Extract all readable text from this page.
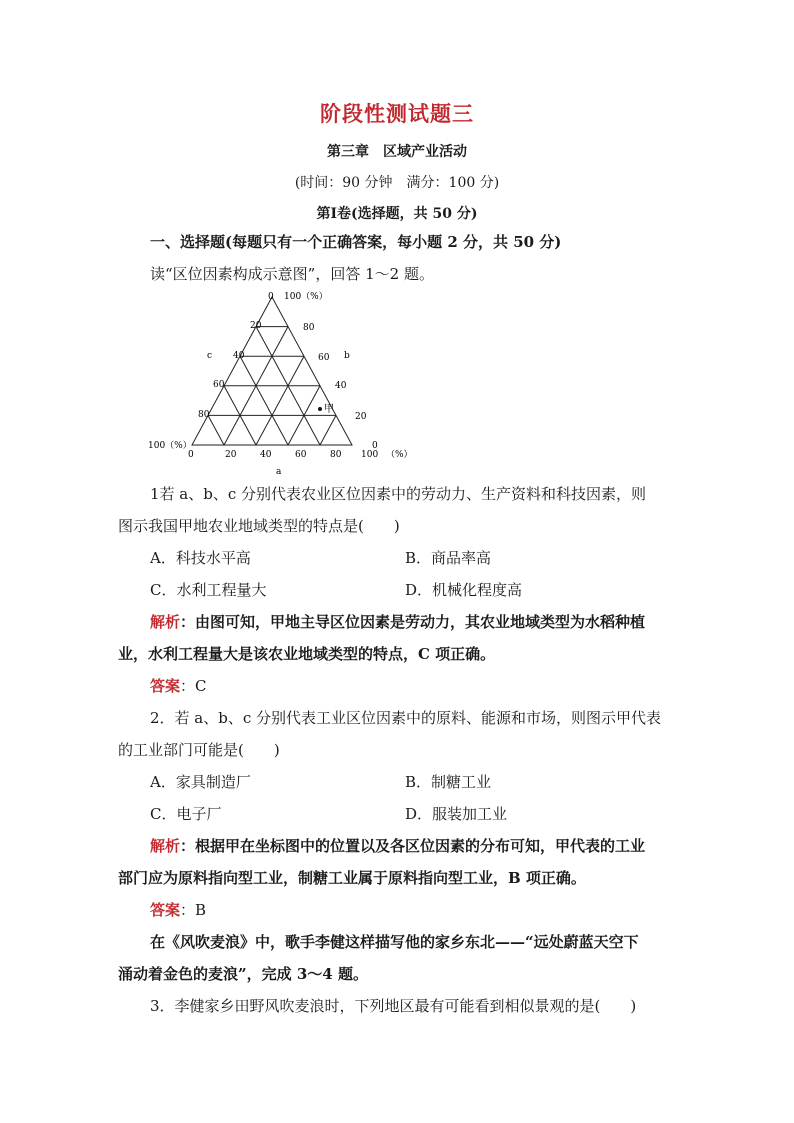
阶段性测试题三
第三章　区域产业活动
(时间：90 分钟　满分：100 分)
第Ⅰ卷(选择题，共 50 分)
一、选择题(每题只有一个正确答案，每小题 2 分，共 50 分)
读“区位因素构成示意图”，回答 1～2 题。
甲
0 100（%）
20
40
60
80
80
60
40
20
c	b
100（%）	0
0	20	40	60	80 100 （%）
a
1若 a、b、c 分别代表农业区位因素中的劳动力、生产资料和科技因素，则
图示我国甲地农业地域类型的特点是(　　)
A．科技水平高	B．商品率高
C．水利工程量大	D．机械化程度高
解析：由图可知，甲地主导区位因素是劳动力，其农业地域类型为水稻种植
业，水利工程量大是该农业地域类型的特点，C 项正确。
答案：C
2．若 a、b、c 分别代表工业区位因素中的原料、能源和市场，则图示甲代表
的工业部门可能是(　　)
A．家具制造厂	B．制糖工业
C．电子厂	D．服装加工业
解析：根据甲在坐标图中的位置以及各区位因素的分布可知，甲代表的工业
部门应为原料指向型工业，制糖工业属于原料指向型工业，B 项正确。
答案：B
在《风吹麦浪》中，歌手李健这样描写他的家乡东北——“远处蔚蓝天空下
涌动着金色的麦浪”，完成 3～4 题。
3．李健家乡田野风吹麦浪时，下列地区最有可能看到相似景观的是(　　)
